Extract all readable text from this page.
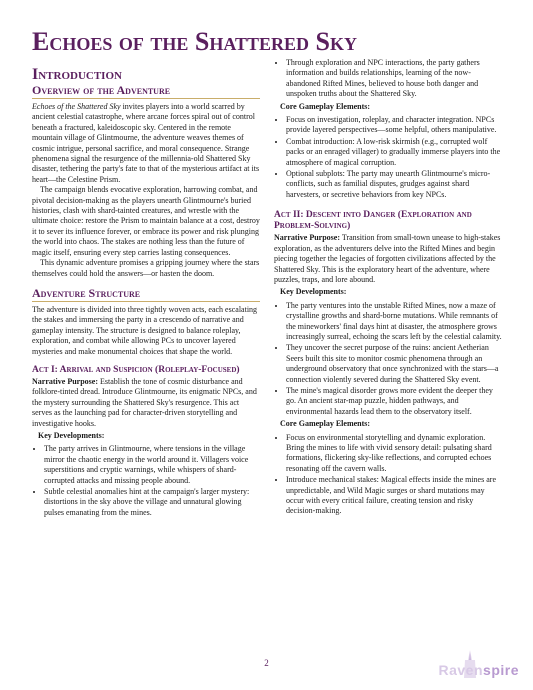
Echoes of the Shattered Sky
Introduction
Overview of the Adventure

Echoes of the Shattered Sky invites players into a world scarred by ancient celestial catastrophe, where arcane forces spiral out of control beneath a fractured, kaleidoscopic sky. Centered in the remote mountain village of Glintmourne, the adventure weaves themes of cosmic intrigue, personal sacrifice, and moral consequence. Strange phenomena signal the resurgence of the millennia-old Shattered Sky disaster, tethering the party's fate to that of the mysterious artifact at its heart—the Celestine Prism.

The campaign blends evocative exploration, harrowing combat, and pivotal decision-making as the players unearth Glintmourne's buried histories, clash with shard-tainted creatures, and wrestle with the ultimate choice: restore the Prism to maintain balance at a cost, destroy it to sever its influence forever, or embrace its power and risk plunging the world into chaos. The stakes are nothing less than the future of magic itself, ensuring every step carries lasting consequences.

This dynamic adventure promises a gripping journey where the stars themselves could hold the answers—or hasten the doom.

Adventure Structure

The adventure is divided into three tightly woven acts, each escalating the stakes and immersing the party in a crescendo of narrative and gameplay intensity. The structure is designed to balance roleplay, exploration, and combat while allowing PCs to uncover layered mysteries and make monumental choices that shape the world.

Act I: Arrival and Suspicion (Roleplay-Focused)

Narrative Purpose: Establish the tone of cosmic disturbance and folklore-tinted dread. Introduce Glintmourne, its enigmatic NPCs, and the mystery surrounding the Shattered Sky's resurgence. This act serves as the launching pad for character-driven storytelling and investigative hooks.

Key Developments:
• The party arrives in Glintmourne, where tensions in the village mirror the chaotic energy in the world around it. Villagers voice superstitions and cryptic warnings, while whispers of shard-corrupted attacks and missing people abound.
• Subtle celestial anomalies hint at the campaign's larger mystery: distortions in the sky above the village and unnatural glowing pulses emanating from the mines.
• Through exploration and NPC interactions, the party gathers information and builds relationships, learning of the now-abandoned Rifted Mines, believed to house both danger and unspoken truths about the Shattered Sky.
Core Gameplay Elements:
• Focus on investigation, roleplay, and character integration. NPCs provide layered perspectives—some helpful, others manipulative.
• Combat introduction: A low-risk skirmish (e.g., corrupted wolf packs or an enraged villager) to gradually immerse players into the atmosphere of magical corruption.
• Optional subplots: The party may unearth Glintmourne's micro-conflicts, such as familial disputes, grudges against shard harvesters, or secretive behaviors from key NPCs.
Act II: Descent into Danger (Exploration and Problem-Solving)

Narrative Purpose: Transition from small-town unease to high-stakes exploration, as the adventurers delve into the Rifted Mines and begin piecing together the legacies of forgotten civilizations affected by the Shattered Sky. This is the exploratory heart of the adventure, where puzzles, traps, and lore abound.

Key Developments:
• The party ventures into the unstable Rifted Mines, now a maze of crystalline growths and shard-borne mutations. While remnants of the mineworkers' final days hint at disaster, the atmosphere grows increasingly surreal, echoing the scars left by the celestial calamity.
• They uncover the secret purpose of the ruins: ancient Aetherian Seers built this site to monitor cosmic phenomena through an underground observatory that once synchronized with the stars—a connection violently severed during the Shattered Sky event.
• The mine's magical disorder grows more evident the deeper they go. An ancient star-map puzzle, hidden pathways, and environmental hazards lead them to the observatory itself.
Core Gameplay Elements:
• Focus on environmental storytelling and dynamic exploration. Bring the mines to life with vivid sensory detail: pulsating shard formations, flickering sky-like reflections, and corrupted echoes resonating off the cavern walls.
• Introduce mechanical stakes: Magical effects inside the mines are unpredictable, and Wild Magic surges or shard mutations may occur with every critical failure, creating tension and risky decision-making.
2	Ravenspire
